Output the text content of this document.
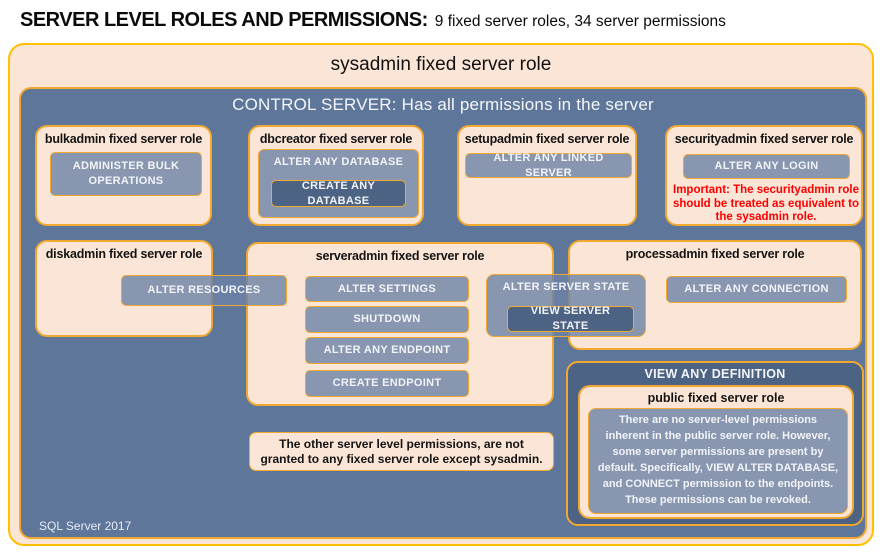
SERVER LEVEL ROLES AND PERMISSIONS: 9 fixed server roles, 34 server permissions
sysadmin fixed server role
CONTROL SERVER: Has all permissions in the server
bulkadmin fixed server role
ADMINISTER BULK OPERATIONS
dbcreator fixed server role
ALTER ANY DATABASE
CREATE ANY DATABASE
setupadmin fixed server role
ALTER ANY LINKED SERVER
securityadmin fixed server role
ALTER ANY LOGIN
Important: The securityadmin role should be treated as equivalent to the sysadmin role.
diskadmin fixed server role	serveradmin fixed server role
ALTER SETTINGS
SHUTDOWN
ALTER ANY ENDPOINT
CREATE ENDPOINT
processadmin fixed server role
ALTER ANY CONNECTION
ALTER RESOURCES	ALTER SERVER STATE
VIEW SERVER STATE
VIEW ANY DEFINITION
public fixed server role
There are no server-level permissions inherent in the public server role. However, some server permissions are present by default. Specifically, VIEW ALTER DATABASE, and CONNECT permission to the endpoints. These permissions can be revoked.
The other server level permissions, are not granted to any fixed server role except sysadmin.
SQL Server 2017
